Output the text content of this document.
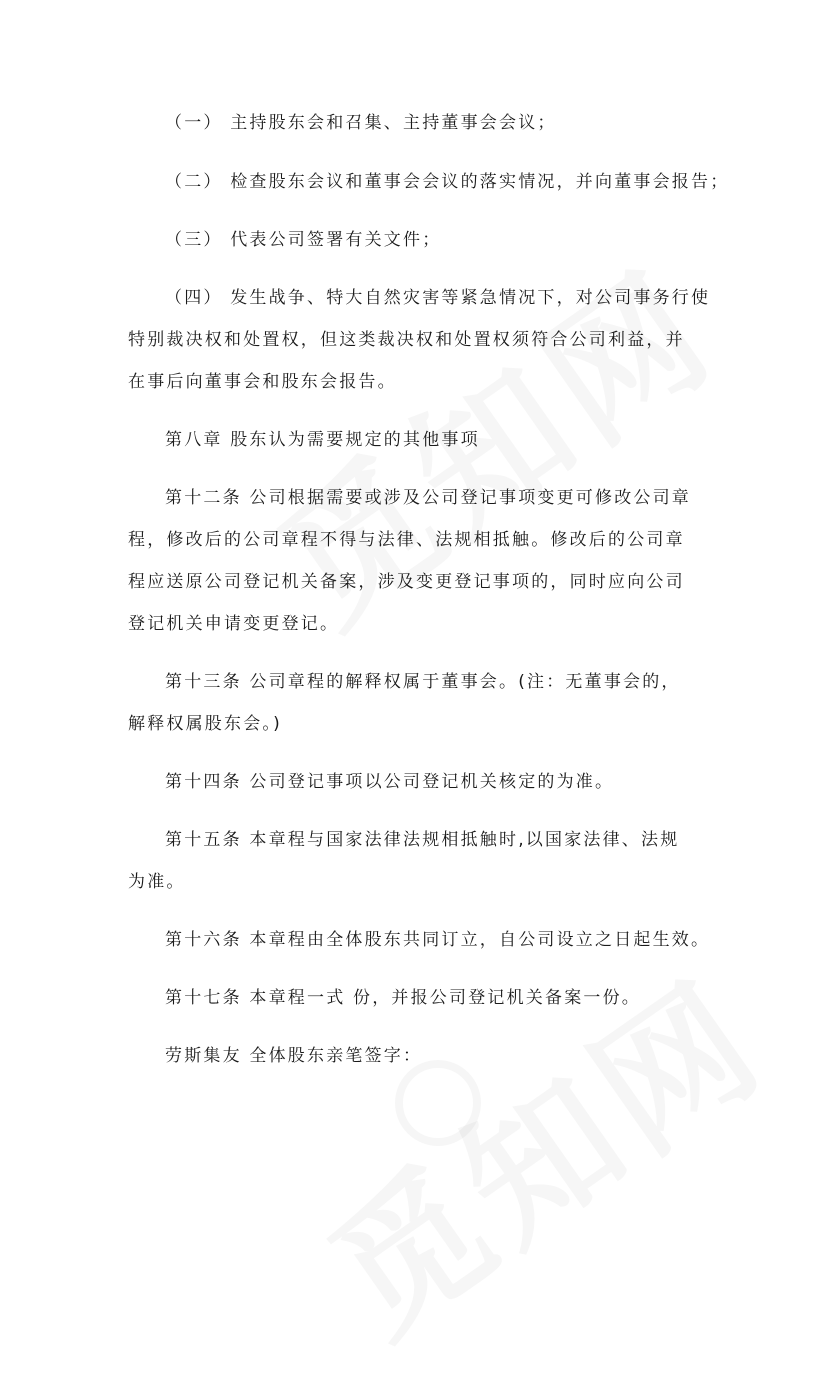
（一） 主持股东会和召集、主持董事会会议；
（二） 检查股东会议和董事会会议的落实情况，并向董事会报告；
（三） 代表公司签署有关文件；
（四） 发生战争、特大自然灾害等紧急情况下，对公司事务行使
特别裁决权和处置权，但这类裁决权和处置权须符合公司利益，并
在事后向董事会和股东会报告。
第八章 股东认为需要规定的其他事项
第十二条 公司根据需要或涉及公司登记事项变更可修改公司章
程，修改后的公司章程不得与法律、法规相抵触。修改后的公司章
程应送原公司登记机关备案，涉及变更登记事项的，同时应向公司
登记机关申请变更登记。
第十三条 公司章程的解释权属于董事会。(注：无董事会的，
解释权属股东会。)
第十四条 公司登记事项以公司登记机关核定的为准。
第十五条 本章程与国家法律法规相抵触时,以国家法律、法规
为准。
第十六条 本章程由全体股东共同订立，自公司设立之日起生效。
第十七条 本章程一式 份，并报公司登记机关备案一份。
劳斯集友 全体股东亲笔签字：
